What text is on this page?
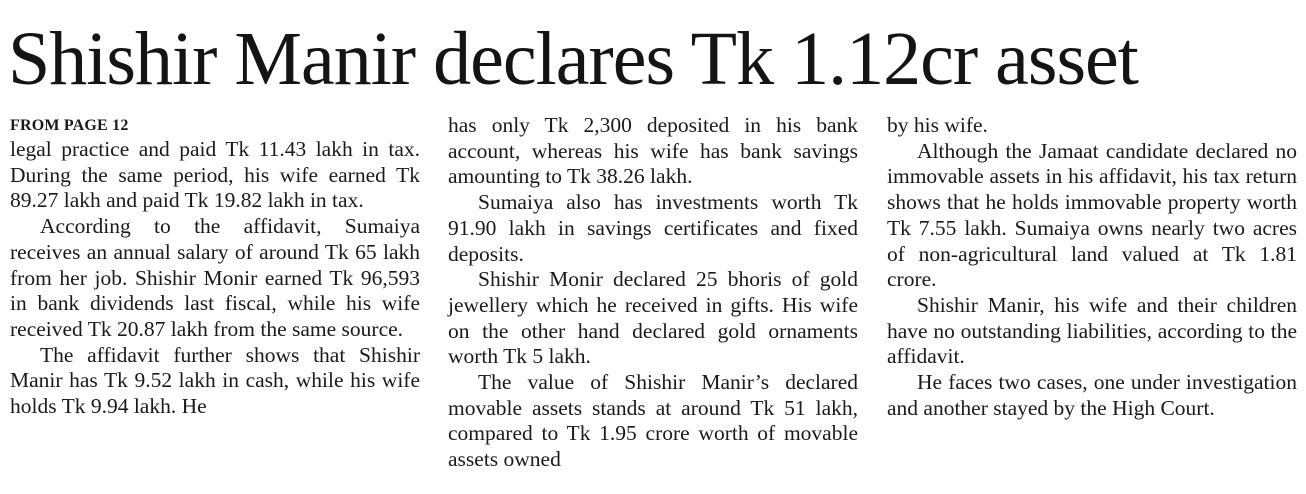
Shishir Manir declares Tk 1.12cr asset
FROM PAGE 12

legal practice and paid Tk 11.43 lakh in tax. During the same period, his wife earned Tk 89.27 lakh and paid Tk 19.82 lakh in tax.

According to the affidavit, Sumaiya receives an annual salary of around Tk 65 lakh from her job. Shishir Monir earned Tk 96,593 in bank dividends last fiscal, while his wife received Tk 20.87 lakh from the same source.

The affidavit further shows that Shishir Manir has Tk 9.52 lakh in cash, while his wife holds Tk 9.94 lakh. He

has only Tk 2,300 deposited in his bank account, whereas his wife has bank savings amounting to Tk 38.26 lakh.

Sumaiya also has investments worth Tk 91.90 lakh in savings certificates and fixed deposits.

Shishir Monir declared 25 bhoris of gold jewellery which he received in gifts. His wife on the other hand declared gold ornaments worth Tk 5 lakh.

The value of Shishir Manir’s declared movable assets stands at around Tk 51 lakh, compared to Tk 1.95 crore worth of movable assets owned

by his wife.

Although the Jamaat candidate declared no immovable assets in his affidavit, his tax return shows that he holds immovable property worth Tk 7.55 lakh. Sumaiya owns nearly two acres of non-agricultural land valued at Tk 1.81 crore.

Shishir Manir, his wife and their children have no outstanding liabilities, according to the affidavit.

He faces two cases, one under investigation and another stayed by the High Court.
